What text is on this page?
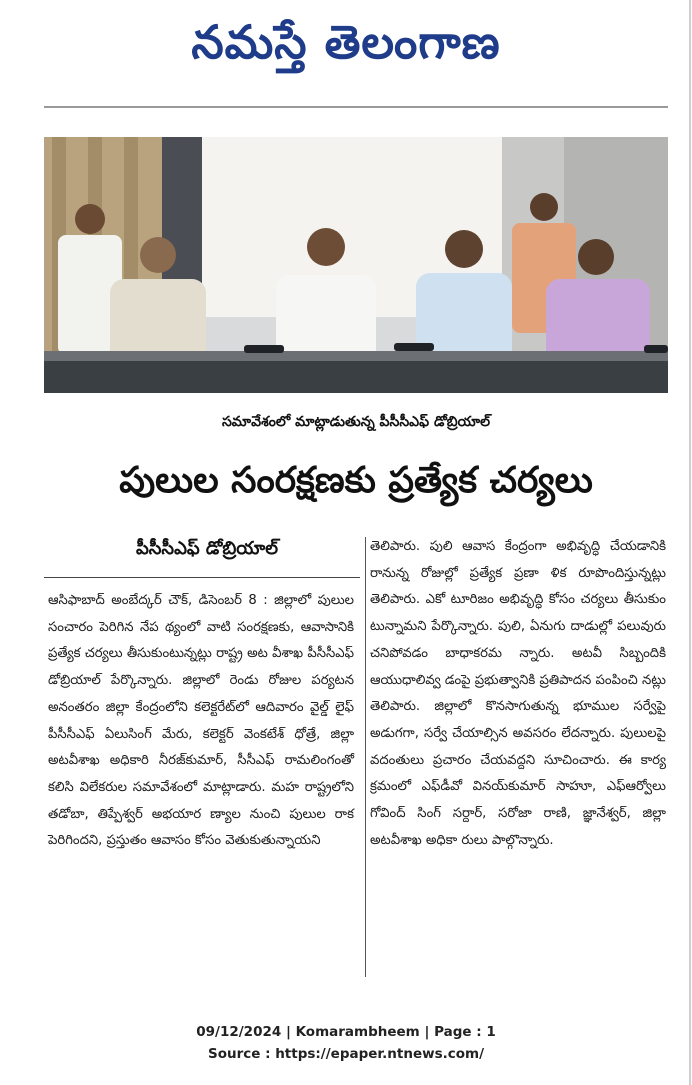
నమస్తే తెలంగాణ
సమావేశంలో మాట్లాడుతున్న పీసీసీఎఫ్ డోబ్రియాల్
పులుల సంరక్షణకు ప్రత్యేక చర్యలు
పీసీసీఎఫ్ డోబ్రియాల్

ఆసిఫాబాద్ అంబేద్కర్ చౌక్, డిసెంబర్ 8 : జిల్లాలో పులుల సంచారం పెరిగిన నేప థ్యంలో వాటి సంరక్షణకు, ఆవాసానికి ప్రత్యేక చర్యలు తీసుకుంటున్నట్లు రాష్ట్ర అట వీశాఖ పీసీసీఎఫ్ డోబ్రియాల్ పేర్కొన్నారు. జిల్లాలో రెండు రోజుల పర్యటన అనంతరం జిల్లా కేంద్రంలోని కలెక్టరేట్‌లో ఆదివారం వైల్డ్ లైఫ్ పీసీసీఎఫ్ ఏలుసింగ్ మేరు, కలెక్టర్ వెంకటేశ్ ధోత్రే, జిల్లా అటవీశాఖ అధికారి నీరజ్‌కుమార్, సీసీఎఫ్ రామలింగంతో కలిసి విలేకరుల సమావేశంలో మాట్లాడారు. మహ రాష్ట్రలోని తడోబా, తిప్పేశ్వర్ అభయార ణ్యాల నుంచి పులుల రాక పెరిగిందని, ప్రస్తుతం ఆవాసం కోసం వెతుకుతున్నాయని

తెలిపారు. పులి ఆవాస కేంద్రంగా అభివృద్ధి చేయడానికి రానున్న రోజుల్లో ప్రత్యేక ప్రణా ళిక రూపొందిస్తున్నట్లు తెలిపారు. ఎకో టూరిజం అభివృద్ధి కోసం చర్యలు తీసుకుం టున్నామని పేర్కొన్నారు. పులి, ఏనుగు దాడుల్లో పలువురు చనిపోవడం బాధాకరమ న్నారు. అటవీ సిబ్బందికి ఆయుధాలివ్వ డంపై ప్రభుత్వానికి ప్రతిపాదన పంపించి నట్లు తెలిపారు. జిల్లాలో కొనసాగుతున్న భూముల సర్వేపై అడుగగా, సర్వే చేయాల్సిన అవసరం లేదన్నారు. పులులపై వదంతులు ప్రచారం చేయవద్దని సూచించారు. ఈ కార్య క్రమంలో ఎఫ్‌డీవో వినయ్‌కుమార్ సాహూ, ఎఫ్ఆర్వోలు గోవింద్ సింగ్ సర్దార్, సరోజా రాణి, జ్ఞానేశ్వర్, జిల్లా అటవీశాఖ అధికా రులు పాల్గొన్నారు.

09/12/2024 | Komarambheem | Page : 1
Source : https://epaper.ntnews.com/
